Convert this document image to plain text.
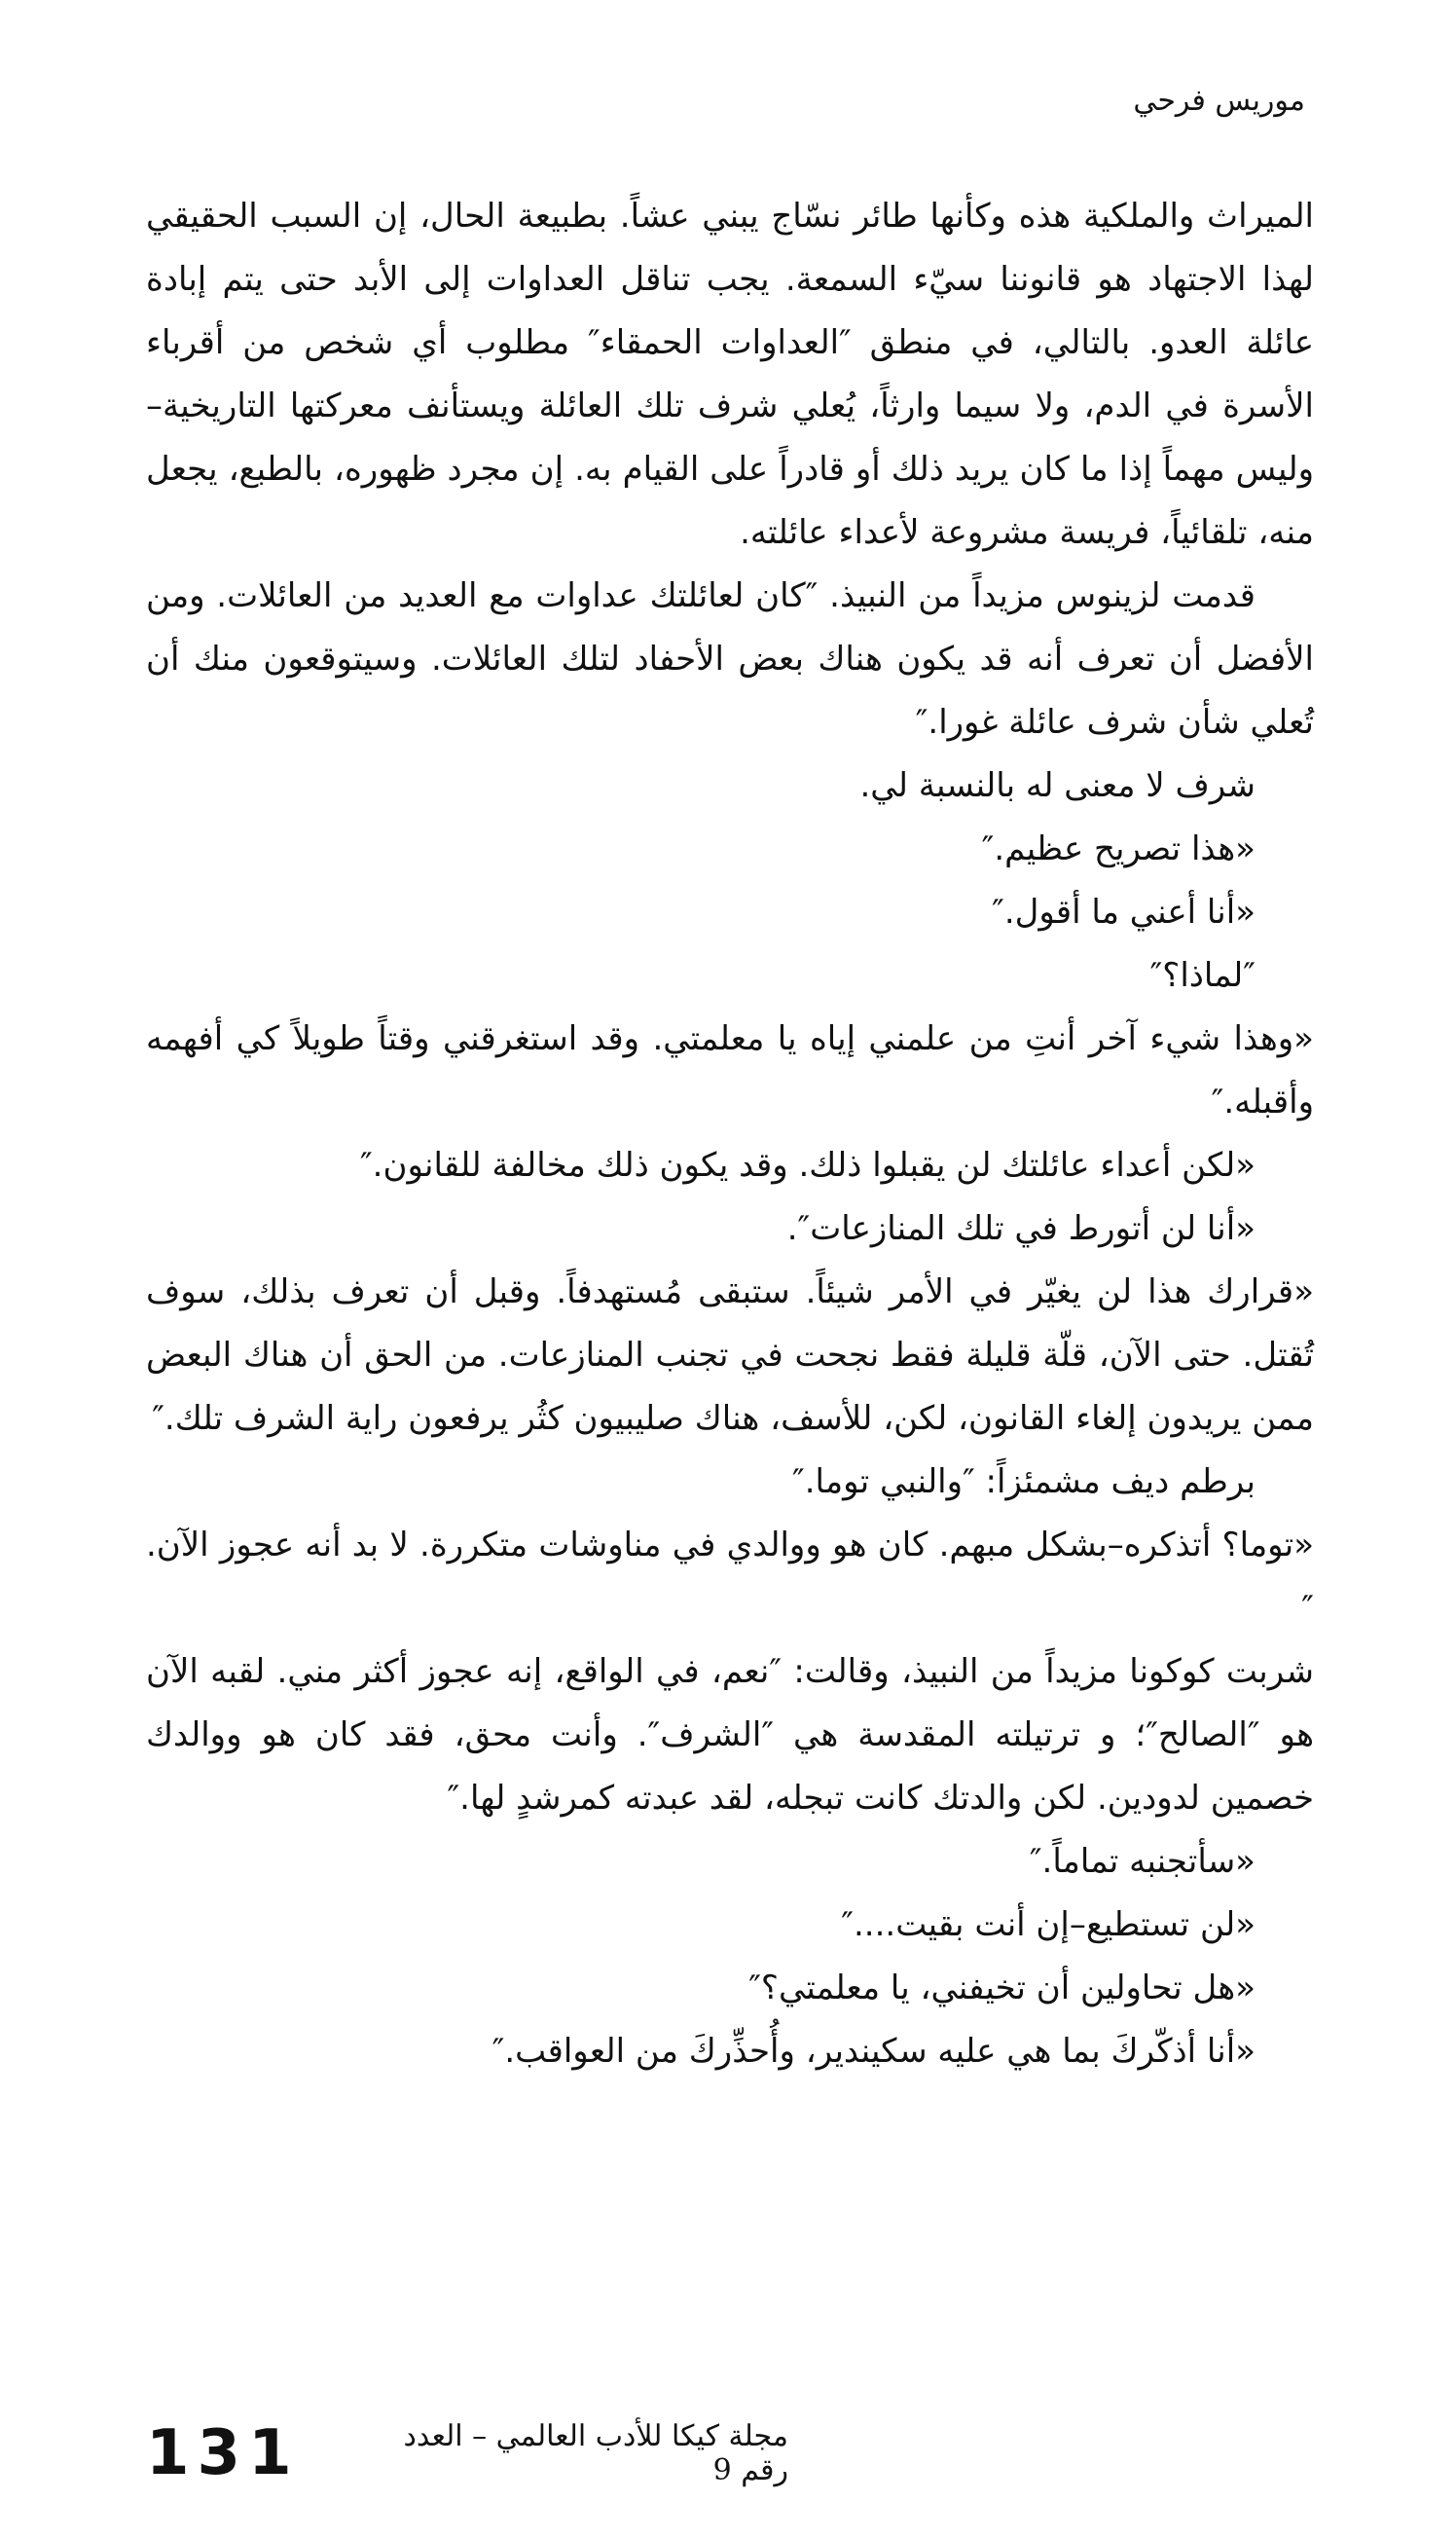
موريس فرحي

الميراث والملكية هذه وكأنها طائر نسّاج يبني عشاً. بطبيعة الحال، إن السبب الحقيقي لهذا الاجتهاد هو قانوننا سيّء السمعة. يجب تناقل العداوات إلى الأبد حتى يتم إبادة عائلة العدو. بالتالي، في منطق ″العداوات الحمقاء″ مطلوب أي شخص من أقرباء الأسرة في الدم، ولا سيما وارثاً، يُعلي شرف تلك العائلة ويستأنف معركتها التاريخية–وليس مهماً إذا ما كان يريد ذلك أو قادراً على القيام به. إن مجرد ظهوره، بالطبع، يجعل منه، تلقائياً، فريسة مشروعة لأعداء عائلته.

قدمت لزينوس مزيداً من النبيذ. ″كان لعائلتك عداوات مع العديد من العائلات. ومن الأفضل أن تعرف أنه قد يكون هناك بعض الأحفاد لتلك العائلات. وسيتوقعون منك أن تُعلي شأن شرف عائلة غورا.″

شرف لا معنى له بالنسبة لي.

«هذا تصريح عظيم.″

«أنا أعني ما أقول.″

″لماذا؟″

«وهذا شيء آخر أنتِ من علمني إياه يا معلمتي. وقد استغرقني وقتاً طويلاً كي أفهمه وأقبله.″

«لكن أعداء عائلتك لن يقبلوا ذلك. وقد يكون ذلك مخالفة للقانون.″

«أنا لن أتورط في تلك المنازعات″.

«قرارك هذا لن يغيّر في الأمر شيئاً. ستبقى مُستهدفاً. وقبل أن تعرف بذلك، سوف تُقتل. حتى الآن، قلّة قليلة فقط نجحت في تجنب المنازعات. من الحق أن هناك البعض ممن يريدون إلغاء القانون، لكن، للأسف، هناك صليبيون كثُر يرفعون راية الشرف تلك.″

برطم ديف مشمئزاً: ″والنبي توما.″

«توما؟ أتذكره–بشكل مبهم. كان هو ووالدي في مناوشات متكررة. لا بد أنه عجوز الآن.″

شربت كوكونا مزيداً من النبيذ، وقالت: ″نعم، في الواقع، إنه عجوز أكثر مني. لقبه الآن هو ″الصالح″؛ و ترتيلته المقدسة هي ″الشرف″. وأنت محق، فقد كان هو ووالدك خصمين لدودين. لكن والدتك كانت تبجله، لقد عبدته كمرشدٍ لها.″

«سأتجنبه تماماً.″

«لن تستطيع–إن أنت بقيت....″

«هل تحاولين أن تخيفني، يا معلمتي؟″

«أنا أذكّركَ بما هي عليه سكيندير، وأُحذِّركَ من العواقب.″

131	مجلة كيكا للأدب العالمي – العدد رقم 9
